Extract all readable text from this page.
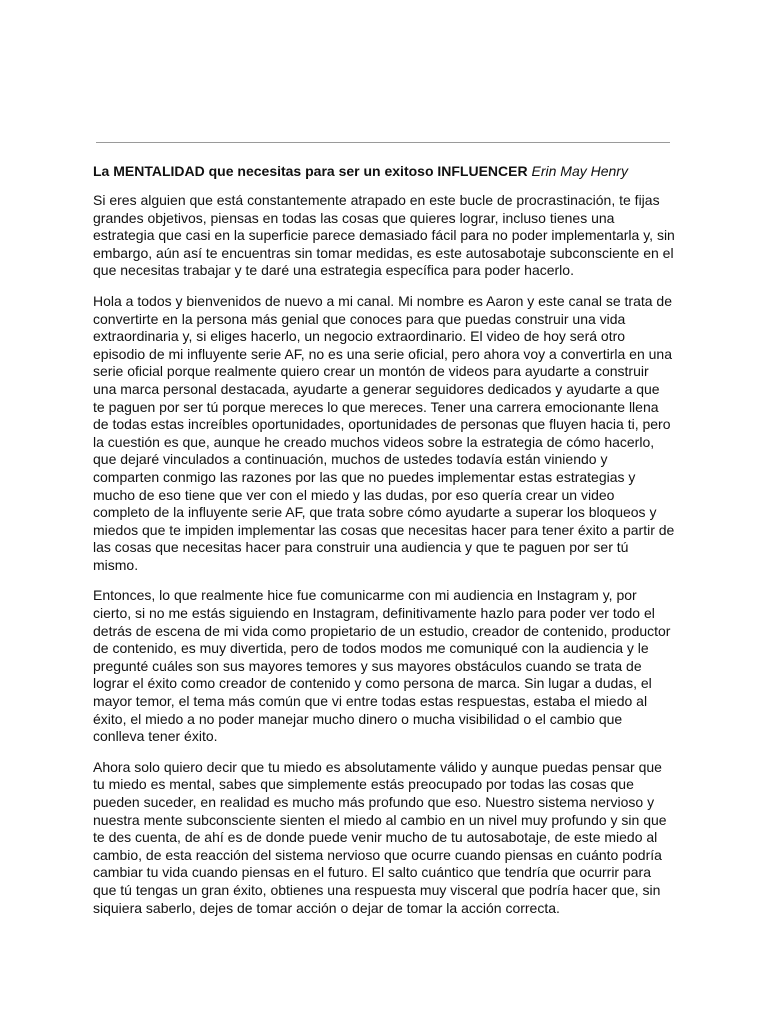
La MENTALIDAD que necesitas para ser un exitoso INFLUENCER Erin May Henry

Si eres alguien que está constantemente atrapado en este bucle de procrastinación, te fijas grandes objetivos, piensas en todas las cosas que quieres lograr, incluso tienes una estrategia que casi en la superficie parece demasiado fácil para no poder implementarla y, sin embargo, aún así te encuentras sin tomar medidas, es este autosabotaje subconsciente en el que necesitas trabajar y te daré una estrategia específica para poder hacerlo.

Hola a todos y bienvenidos de nuevo a mi canal. Mi nombre es Aaron y este canal se trata de convertirte en la persona más genial que conoces para que puedas construir una vida extraordinaria y, si eliges hacerlo, un negocio extraordinario. El video de hoy será otro episodio de mi influyente serie AF, no es una serie oficial, pero ahora voy a convertirla en una serie oficial porque realmente quiero crear un montón de videos para ayudarte a construir una marca personal destacada, ayudarte a generar seguidores dedicados y ayudarte a que te paguen por ser tú porque mereces lo que mereces. Tener una carrera emocionante llena de todas estas increíbles oportunidades, oportunidades de personas que fluyen hacia ti, pero la cuestión es que, aunque he creado muchos videos sobre la estrategia de cómo hacerlo, que dejaré vinculados a continuación, muchos de ustedes todavía están viniendo y comparten conmigo las razones por las que no puedes implementar estas estrategias y mucho de eso tiene que ver con el miedo y las dudas, por eso quería crear un video completo de la influyente serie AF, que trata sobre cómo ayudarte a superar los bloqueos y miedos que te impiden implementar las cosas que necesitas hacer para tener éxito a partir de las cosas que necesitas hacer para construir una audiencia y que te paguen por ser tú mismo.

Entonces, lo que realmente hice fue comunicarme con mi audiencia en Instagram y, por cierto, si no me estás siguiendo en Instagram, definitivamente hazlo para poder ver todo el detrás de escena de mi vida como propietario de un estudio, creador de contenido, productor de contenido, es muy divertida, pero de todos modos me comuniqué con la audiencia y le pregunté cuáles son sus mayores temores y sus mayores obstáculos cuando se trata de lograr el éxito como creador de contenido y como persona de marca. Sin lugar a dudas, el mayor temor, el tema más común que vi entre todas estas respuestas, estaba el miedo al éxito, el miedo a no poder manejar mucho dinero o mucha visibilidad o el cambio que conlleva tener éxito.

Ahora solo quiero decir que tu miedo es absolutamente válido y aunque puedas pensar que tu miedo es mental, sabes que simplemente estás preocupado por todas las cosas que pueden suceder, en realidad es mucho más profundo que eso. Nuestro sistema nervioso y nuestra mente subconsciente sienten el miedo al cambio en un nivel muy profundo y sin que te des cuenta, de ahí es de donde puede venir mucho de tu autosabotaje, de este miedo al cambio, de esta reacción del sistema nervioso que ocurre cuando piensas en cuánto podría cambiar tu vida cuando piensas en el futuro. El salto cuántico que tendría que ocurrir para que tú tengas un gran éxito, obtienes una respuesta muy visceral que podría hacer que, sin siquiera saberlo, dejes de tomar acción o dejar de tomar la acción correcta.
